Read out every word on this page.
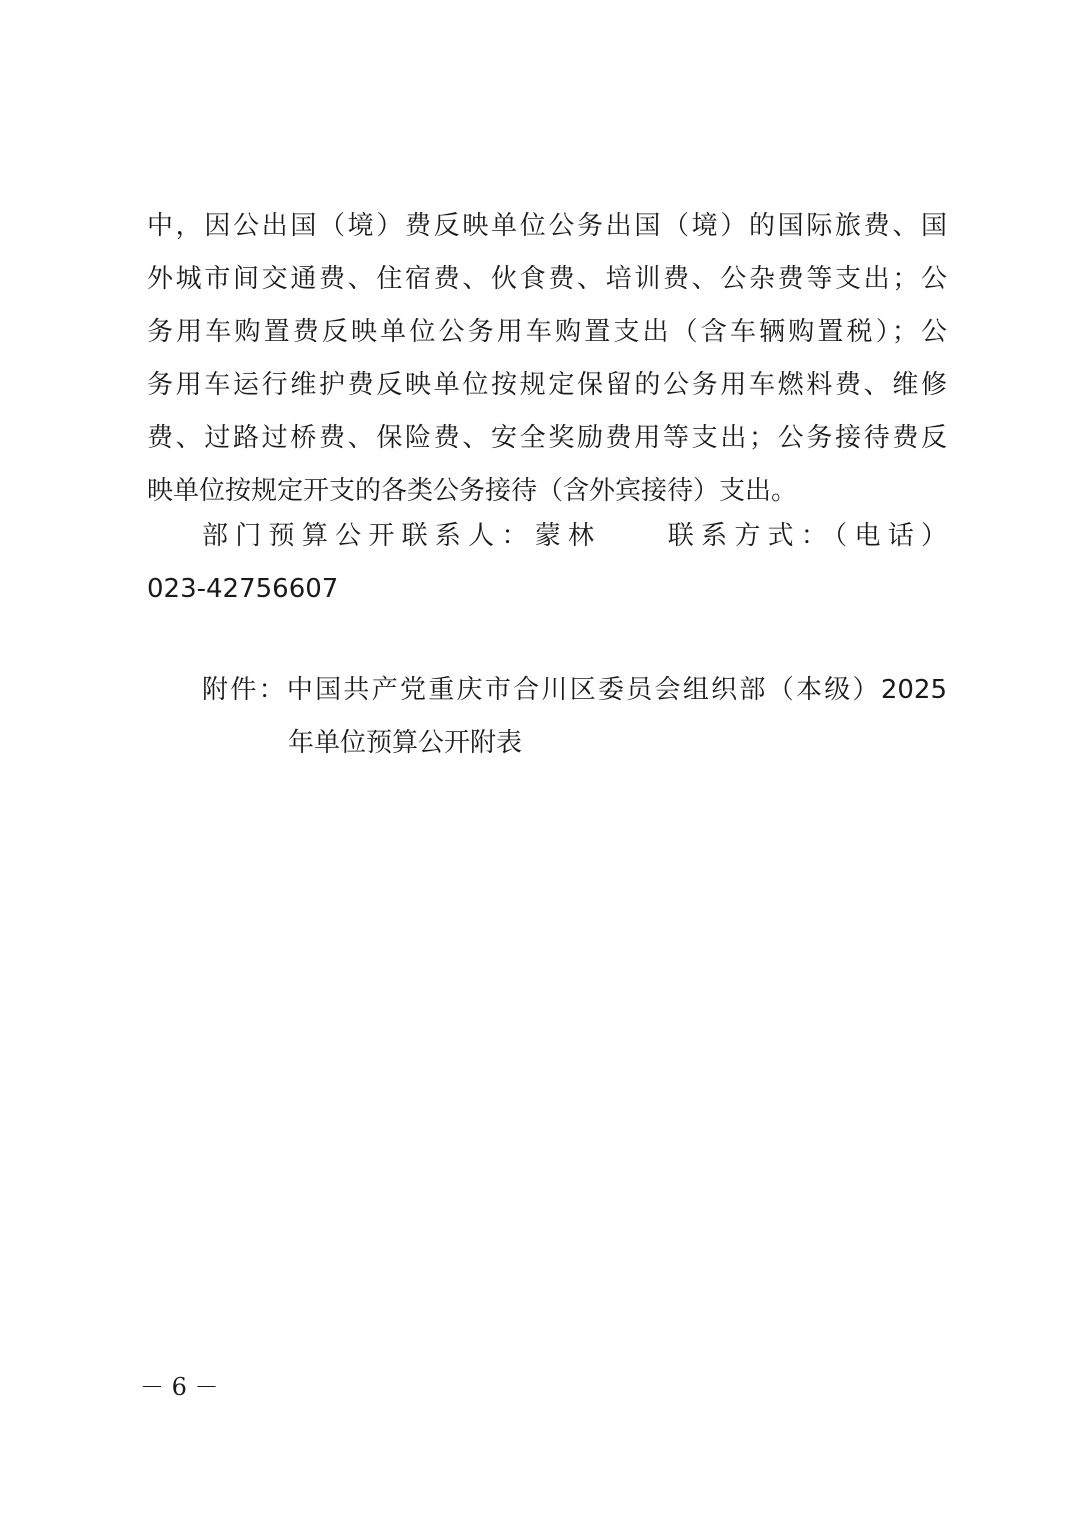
中，因公出国（境）费反映单位公务出国（境）的国际旅费、国
外城市间交通费、住宿费、伙食费、培训费、公杂费等支出；公
务用车购置费反映单位公务用车购置支出（含车辆购置税）；公
务用车运行维护费反映单位按规定保留的公务用车燃料费、维修
费、过路过桥费、保险费、安全奖励费用等支出；公务接待费反
映单位按规定开支的各类公务接待（含外宾接待）支出。
部门预算公开联系人：蒙林　　联系方式：（电话）
023-42756607
附件：中国共产党重庆市合川区委员会组织部（本级）2025
年单位预算公开附表
－ 6 －
